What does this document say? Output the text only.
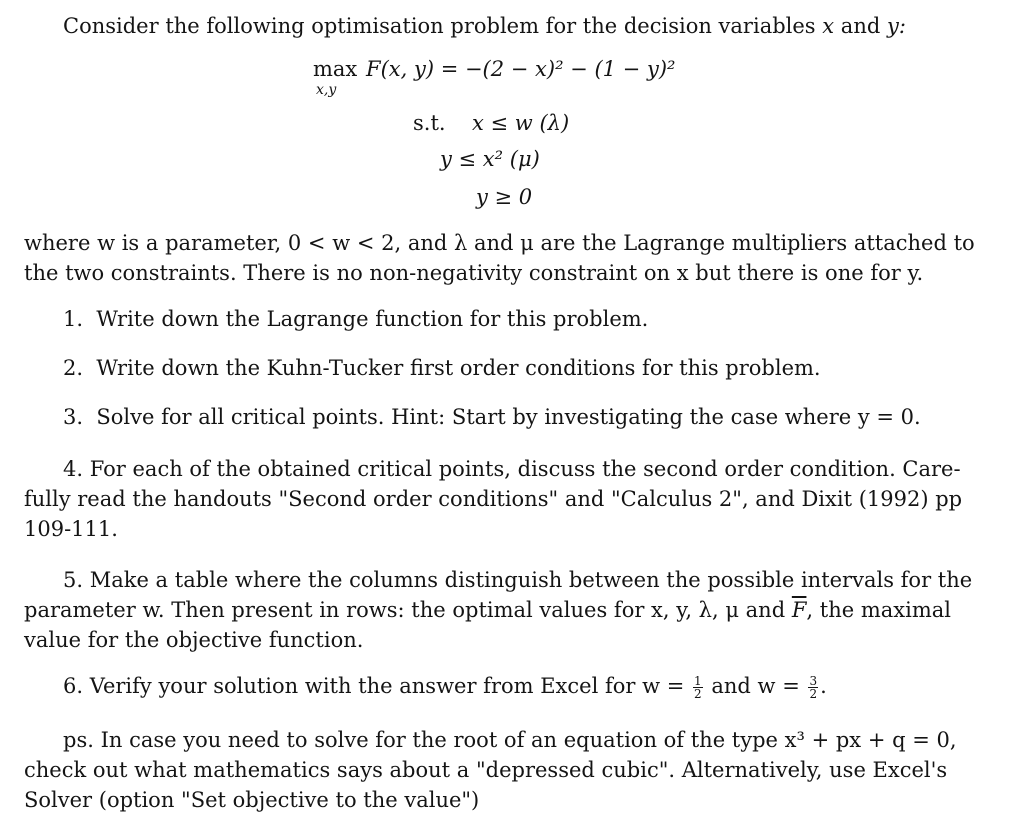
Consider the following optimisation problem for the decision variables x and y:
max
x,y
F(x, y) = −(2 − x)² − (1 − y)²
s.t. x ≤ w (λ)
y ≤ x² (μ)
y ≥ 0
where w is a parameter, 0 < w < 2, and λ and μ are the Lagrange multipliers attached to
the two constraints. There is no non-negativity constraint on x but there is one for y.
1. Write down the Lagrange function for this problem.
2. Write down the Kuhn-Tucker first order conditions for this problem.
3. Solve for all critical points. Hint: Start by investigating the case where y = 0.
4. For each of the obtained critical points, discuss the second order condition. Care-
fully read the handouts "Second order conditions" and "Calculus 2", and Dixit (1992) pp
109-111.
5. Make a table where the columns distinguish between the possible intervals for the
parameter w. Then present in rows: the optimal values for x, y, λ, μ and $\overline{F}$, the maximal
value for the objective function.
6. Verify your solution with the answer from Excel for $w = \frac{1}{2}$ and $w = \frac{3}{2}$ .
ps. In case you need to solve for the root of an equation of the type x³ + px + q = 0,
check out what mathematics says about a "depressed cubic". Alternatively, use Excel's
Solver (option "Set objective to the value")
